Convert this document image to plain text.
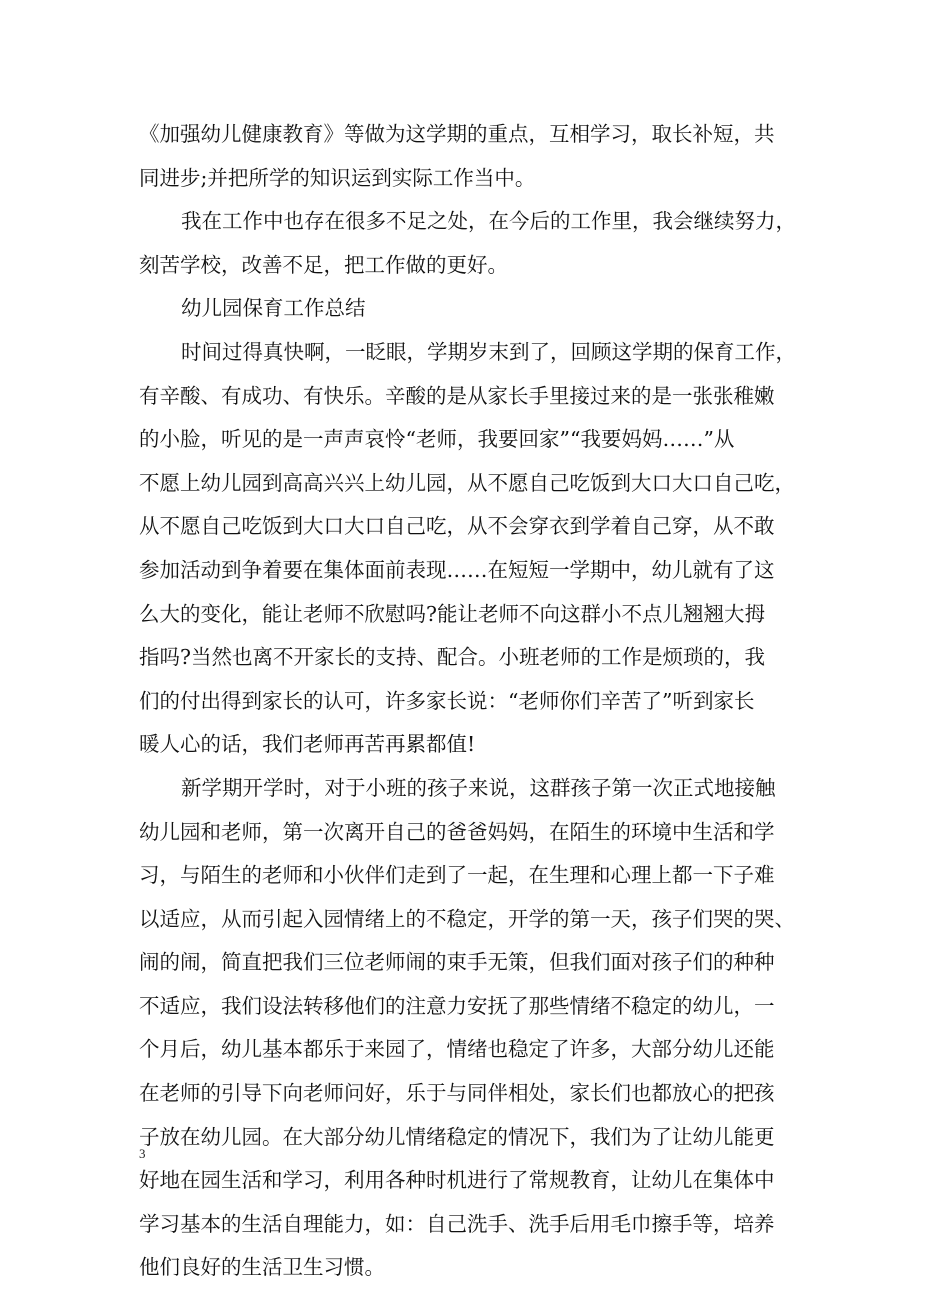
《加强幼儿健康教育》等做为这学期的重点，互相学习，取长补短，共
同进步;并把所学的知识运到实际工作当中。
我在工作中也存在很多不足之处，在今后的工作里，我会继续努力，
刻苦学校，改善不足，把工作做的更好。
幼儿园保育工作总结
时间过得真快啊，一眨眼，学期岁末到了，回顾这学期的保育工作，
有辛酸、有成功、有快乐。辛酸的是从家长手里接过来的是一张张稚嫩
的小脸，听见的是一声声哀怜“老师，我要回家”“我要妈妈……”从
不愿上幼儿园到高高兴兴上幼儿园，从不愿自己吃饭到大口大口自己吃，
从不愿自己吃饭到大口大口自己吃，从不会穿衣到学着自己穿，从不敢
参加活动到争着要在集体面前表现……在短短一学期中，幼儿就有了这
么大的变化，能让老师不欣慰吗?能让老师不向这群小不点儿翘翘大拇
指吗?当然也离不开家长的支持、配合。小班老师的工作是烦琐的，我
们的付出得到家长的认可，许多家长说：“老师你们辛苦了”听到家长
暖人心的话，我们老师再苦再累都值!
新学期开学时，对于小班的孩子来说，这群孩子第一次正式地接触
幼儿园和老师，第一次离开自己的爸爸妈妈，在陌生的环境中生活和学
习，与陌生的老师和小伙伴们走到了一起，在生理和心理上都一下子难
以适应，从而引起入园情绪上的不稳定，开学的第一天，孩子们哭的哭、
闹的闹，简直把我们三位老师闹的束手无策，但我们面对孩子们的种种
不适应，我们设法转移他们的注意力安抚了那些情绪不稳定的幼儿，一
个月后，幼儿基本都乐于来园了，情绪也稳定了许多，大部分幼儿还能
在老师的引导下向老师问好，乐于与同伴相处，家长们也都放心的把孩
子放在幼儿园。在大部分幼儿情绪稳定的情况下，我们为了让幼儿能更
好地在园生活和学习，利用各种时机进行了常规教育，让幼儿在集体中
学习基本的生活自理能力，如：自己洗手、洗手后用毛巾擦手等，培养
他们良好的生活卫生习惯。
3
